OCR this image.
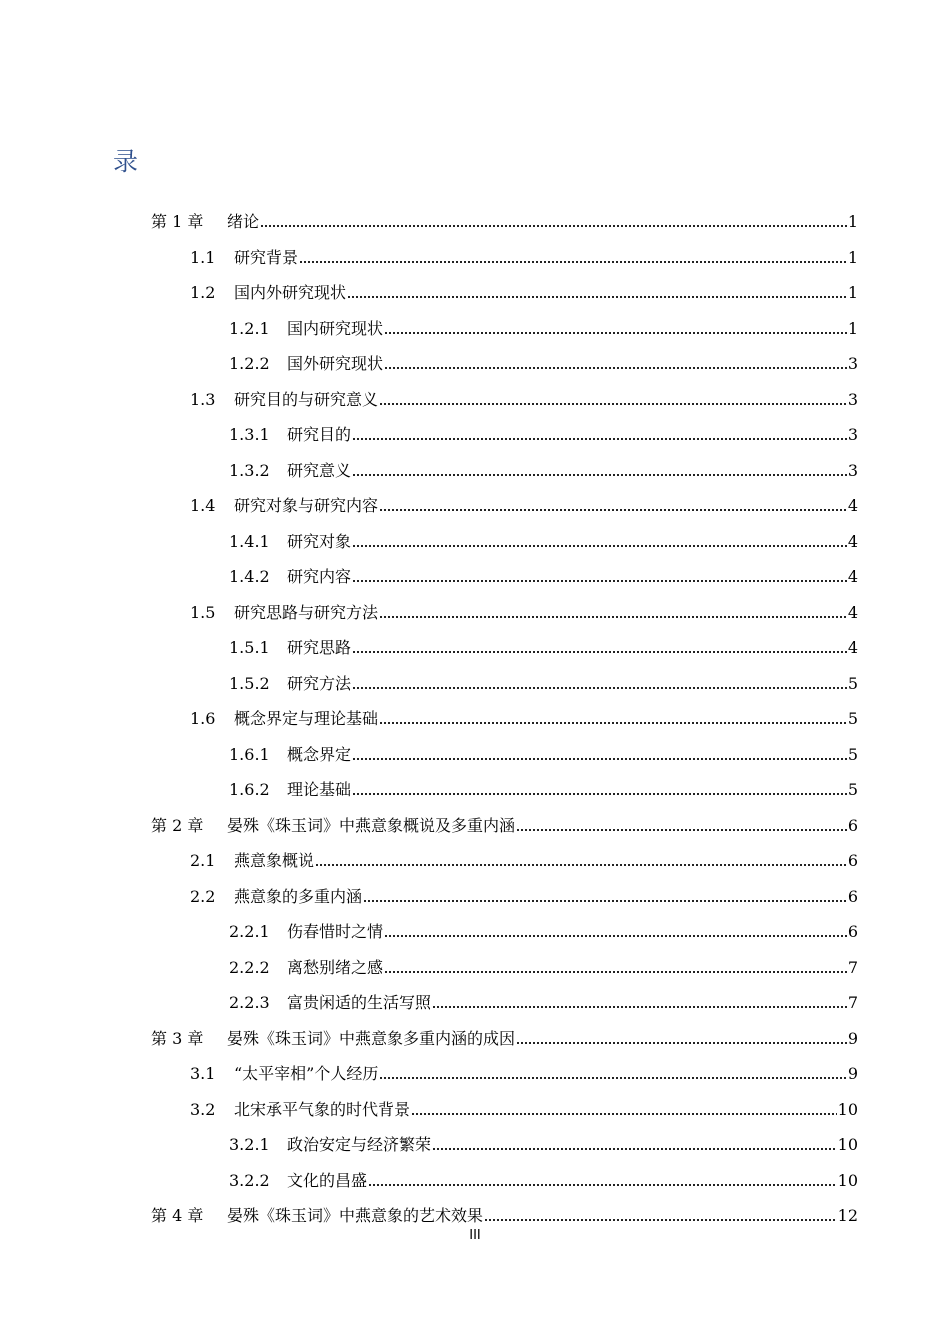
录
第 1 章	绪论	1
1.1	研究背景	1
1.2	国内外研究现状	1
1.2.1	国内研究现状	1
1.2.2	国外研究现状	3
1.3	研究目的与研究意义	3
1.3.1	研究目的	3
1.3.2	研究意义	3
1.4	研究对象与研究内容	4
1.4.1	研究对象	4
1.4.2	研究内容	4
1.5	研究思路与研究方法	4
1.5.1	研究思路	4
1.5.2	研究方法	5
1.6	概念界定与理论基础	5
1.6.1	概念界定	5
1.6.2	理论基础	5
第 2 章	晏殊《珠玉词》中燕意象概说及多重内涵	6
2.1	燕意象概说	6
2.2	燕意象的多重内涵	6
2.2.1	伤春惜时之情	6
2.2.2	离愁别绪之感	7
2.2.3	富贵闲适的生活写照	7
第 3 章	晏殊《珠玉词》中燕意象多重内涵的成因	9
3.1	“太平宰相”个人经历	9
3.2	北宋承平气象的时代背景	10
3.2.1	政治安定与经济繁荣	10
3.2.2	文化的昌盛	10
第 4 章	晏殊《珠玉词》中燕意象的艺术效果	12
III
